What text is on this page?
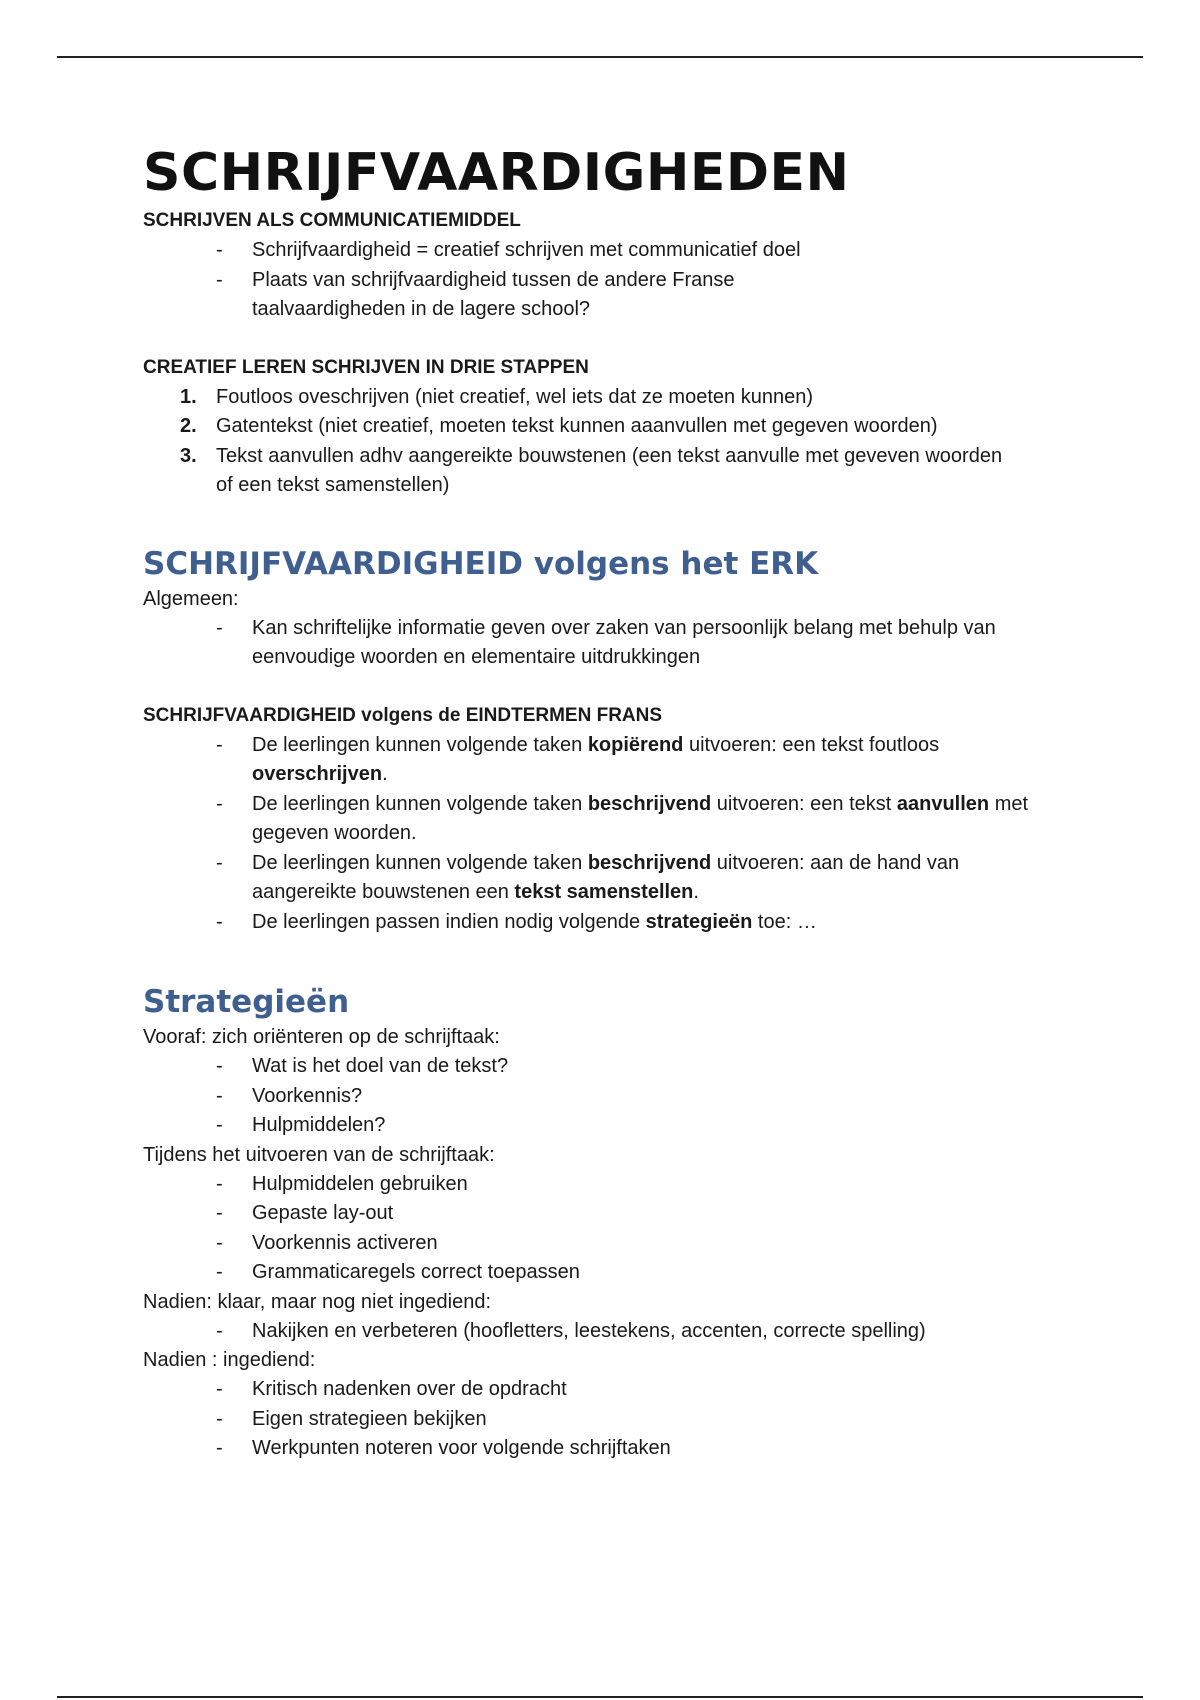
SCHRIJFVAARDIGHEDEN

SCHRIJVEN ALS COMMUNICATIEMIDDEL

- Schrijfvaardigheid = creatief schrijven met communicatief doel
- Plaats van schrijfvaardigheid tussen de andere Franse taalvaardigheden in de lagere school?

CREATIEF LEREN SCHRIJVEN IN DRIE STAPPEN

1. Foutloos oveschrijven (niet creatief, wel iets dat ze moeten kunnen)
2. Gatentekst (niet creatief, moeten tekst kunnen aaanvullen met gegeven woorden)
3. Tekst aanvullen adhv aangereikte bouwstenen (een tekst aanvulle met geveven woorden of een tekst samenstellen)
SCHRIJFVAARDIGHEID volgens het ERK

Algemeen:

- Kan schriftelijke informatie geven over zaken van persoonlijk belang met behulp van eenvoudige woorden en elementaire uitdrukkingen

SCHRIJFVAARDIGHEID volgens de EINDTERMEN FRANS

- De leerlingen kunnen volgende taken kopiërend uitvoeren: een tekst foutloos overschrijven.
- De leerlingen kunnen volgende taken beschrijvend uitvoeren: een tekst aanvullen met gegeven woorden.
- De leerlingen kunnen volgende taken beschrijvend uitvoeren: aan de hand van aangereikte bouwstenen een tekst samenstellen.
- De leerlingen passen indien nodig volgende strategieën toe: …
Strategieën

Vooraf: zich oriënteren op de schrijftaak:

- Wat is het doel van de tekst?
- Voorkennis?
- Hulpmiddelen?

Tijdens het uitvoeren van de schrijftaak:

- Hulpmiddelen gebruiken
- Gepaste lay-out
- Voorkennis activeren
- Grammaticaregels correct toepassen

Nadien: klaar, maar nog niet ingediend:

- Nakijken en verbeteren (hoofletters, leestekens, accenten, correcte spelling)

Nadien : ingediend:

- Kritisch nadenken over de opdracht
- Eigen strategieen bekijken
- Werkpunten noteren voor volgende schrijftaken
